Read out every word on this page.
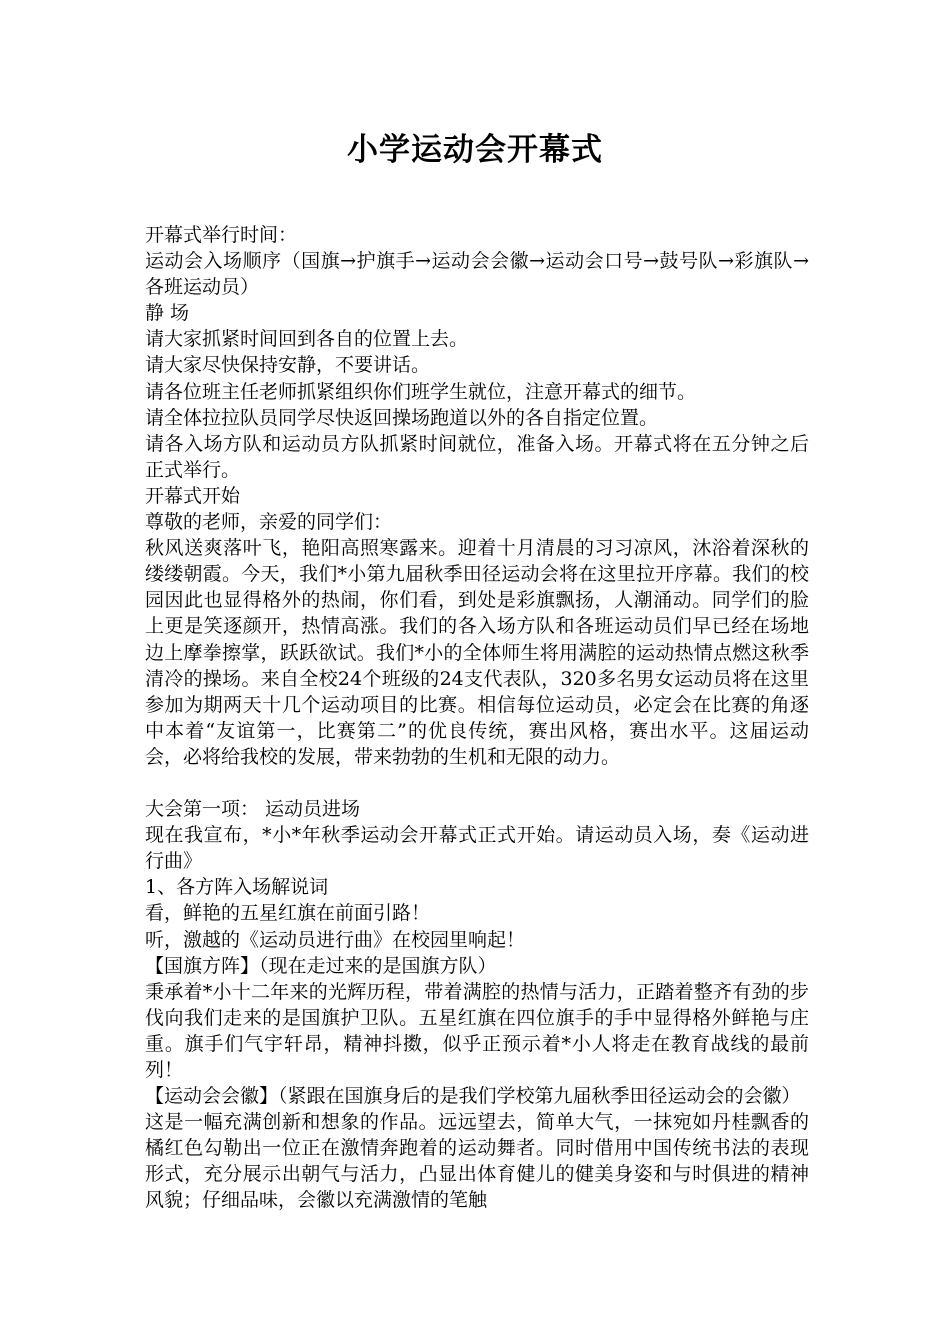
小学运动会开幕式

开幕式举行时间：

运动会入场顺序（国旗→护旗手→运动会会徽→运动会口号→鼓号队→彩旗队→各班运动员）

静 场

请大家抓紧时间回到各自的位置上去。

请大家尽快保持安静，不要讲话。

请各位班主任老师抓紧组织你们班学生就位，注意开幕式的细节。

请全体拉拉队员同学尽快返回操场跑道以外的各自指定位置。

请各入场方队和运动员方队抓紧时间就位，准备入场。开幕式将在五分钟之后正式举行。

开幕式开始

尊敬的老师，亲爱的同学们：

秋风送爽落叶飞，艳阳高照寒露来。迎着十月清晨的习习凉风，沐浴着深秋的缕缕朝霞。今天，我们*小第九届秋季田径运动会将在这里拉开序幕。我们的校园因此也显得格外的热闹，你们看，到处是彩旗飘扬，人潮涌动。同学们的脸上更是笑逐颜开，热情高涨。我们的各入场方队和各班运动员们早已经在场地边上摩拳擦掌，跃跃欲试。我们*小的全体师生将用满腔的运动热情点燃这秋季清冷的操场。来自全校24个班级的24支代表队，320多名男女运动员将在这里参加为期两天十几个运动项目的比赛。相信每位运动员，必定会在比赛的角逐中本着“友谊第一，比赛第二”的优良传统，赛出风格，赛出水平。这届运动会，必将给我校的发展，带来勃勃的生机和无限的动力。

大会第一项： 运动员进场

现在我宣布，*小*年秋季运动会开幕式正式开始。请运动员入场，奏《运动进行曲》

1、各方阵入场解说词

看，鲜艳的五星红旗在前面引路！

听，激越的《运动员进行曲》在校园里响起！

【国旗方阵】（现在走过来的是国旗方队）

秉承着*小十二年来的光辉历程，带着满腔的热情与活力，正踏着整齐有劲的步伐向我们走来的是国旗护卫队。五星红旗在四位旗手的手中显得格外鲜艳与庄重。旗手们气宇轩昂，精神抖擞，似乎正预示着*小人将走在教育战线的最前列！

【运动会会徽】（紧跟在国旗身后的是我们学校第九届秋季田径运动会的会徽）

这是一幅充满创新和想象的作品。远远望去，简单大气，一抹宛如丹桂飘香的橘红色勾勒出一位正在激情奔跑着的运动舞者。同时借用中国传统书法的表现形式，充分展示出朝气与活力，凸显出体育健儿的健美身姿和与时俱进的精神风貌；仔细品味，会徽以充满激情的笔触
